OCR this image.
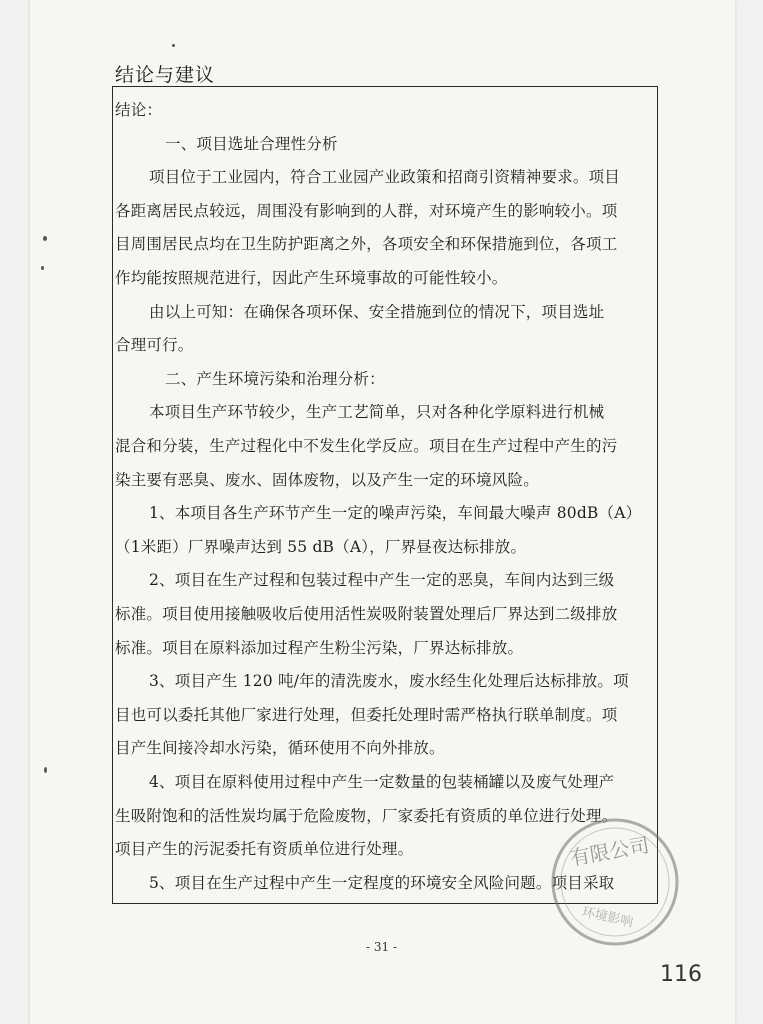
结论与建议
结论：
一、项目选址合理性分析
项目位于工业园内，符合工业园产业政策和招商引资精神要求。项目
各距离居民点较远，周围没有影响到的人群，对环境产生的影响较小。项
目周围居民点均在卫生防护距离之外，各项安全和环保措施到位，各项工
作均能按照规范进行，因此产生环境事故的可能性较小。
由以上可知：在确保各项环保、安全措施到位的情况下，项目选址
合理可行。
二、产生环境污染和治理分析：
本项目生产环节较少，生产工艺简单，只对各种化学原料进行机械
混合和分装，生产过程化中不发生化学反应。项目在生产过程中产生的污
染主要有恶臭、废水、固体废物，以及产生一定的环境风险。
1、本项目各生产环节产生一定的噪声污染，车间最大噪声 80dB（A）
（1米距）厂界噪声达到 55 dB（A），厂界昼夜达标排放。
2、项目在生产过程和包装过程中产生一定的恶臭，车间内达到三级
标准。项目使用接触吸收后使用活性炭吸附装置处理后厂界达到二级排放
标准。项目在原料添加过程产生粉尘污染，厂界达标排放。
3、项目产生 120 吨/年的清洗废水，废水经生化处理后达标排放。项
目也可以委托其他厂家进行处理，但委托处理时需严格执行联单制度。项
目产生间接冷却水污染，循环使用不向外排放。
4、项目在原料使用过程中产生一定数量的包装桶罐以及废气处理产
生吸附饱和的活性炭均属于危险废物，厂家委托有资质的单位进行处理。
项目产生的污泥委托有资质单位进行处理。
5、项目在生产过程中产生一定程度的环境安全风险问题。项目采取
有限公司
环境影响
- 31 -
116
